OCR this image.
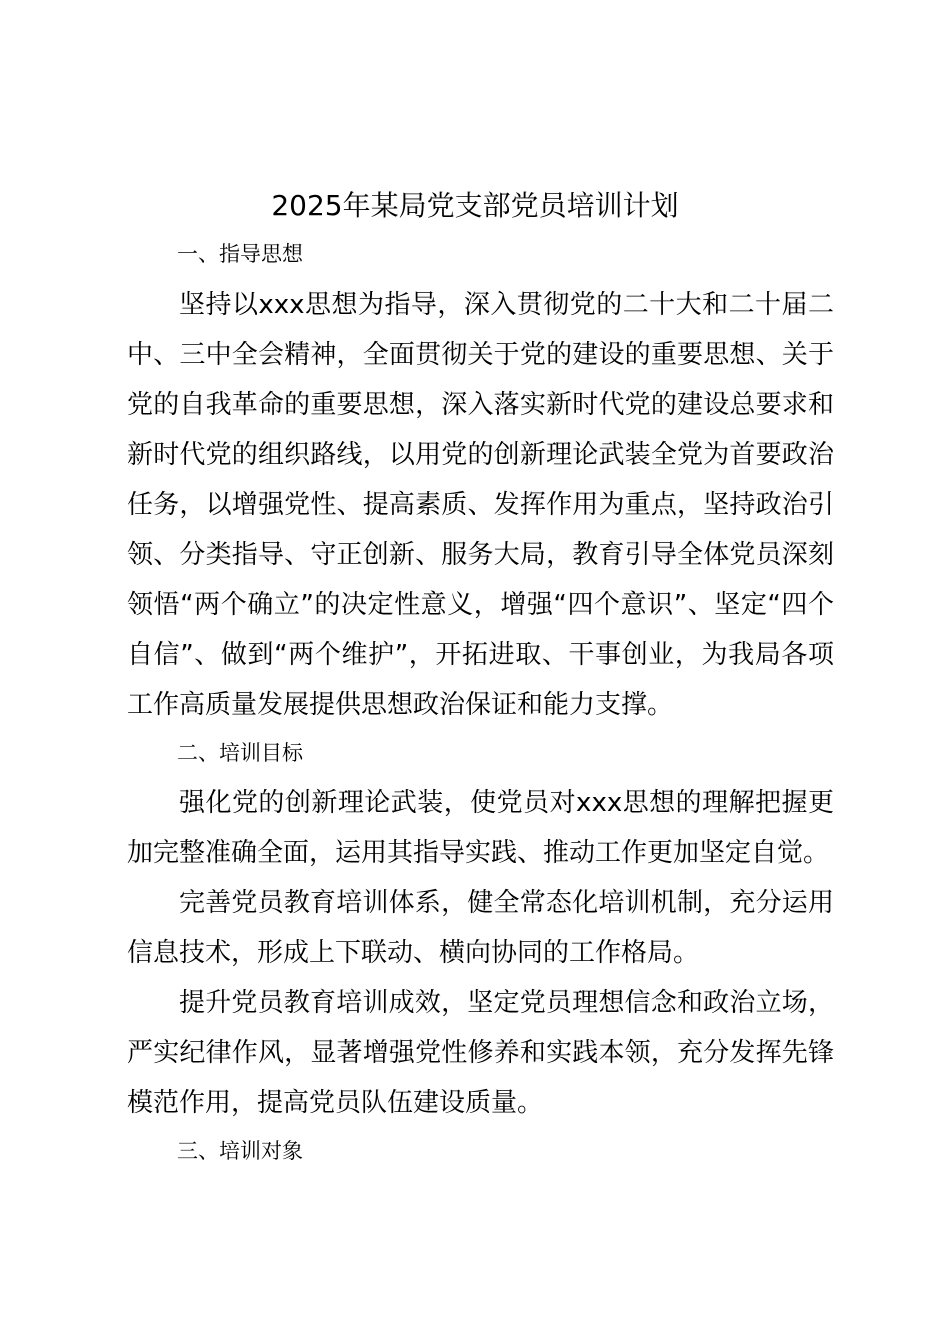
2025年某局党支部党员培训计划
一、指导思想

坚持以xxx思想为指导，深入贯彻党的二十大和二十届二中、三中全会精神，全面贯彻关于党的建设的重要思想、关于党的自我革命的重要思想，深入落实新时代党的建设总要求和新时代党的组织路线，以用党的创新理论武装全党为首要政治任务，以增强党性、提高素质、发挥作用为重点，坚持政治引领、分类指导、守正创新、服务大局，教育引导全体党员深刻领悟“两个确立”的决定性意义，增强“四个意识”、坚定“四个自信”、做到“两个维护”，开拓进取、干事创业，为我局各项工作高质量发展提供思想政治保证和能力支撑。

二、培训目标

强化党的创新理论武装，使党员对xxx思想的理解把握更加完整准确全面，运用其指导实践、推动工作更加坚定自觉。

完善党员教育培训体系，健全常态化培训机制，充分运用信息技术，形成上下联动、横向协同的工作格局。

提升党员教育培训成效，坚定党员理想信念和政治立场，严实纪律作风，显著增强党性修养和实践本领，充分发挥先锋模范作用，提高党员队伍建设质量。

三、培训对象
